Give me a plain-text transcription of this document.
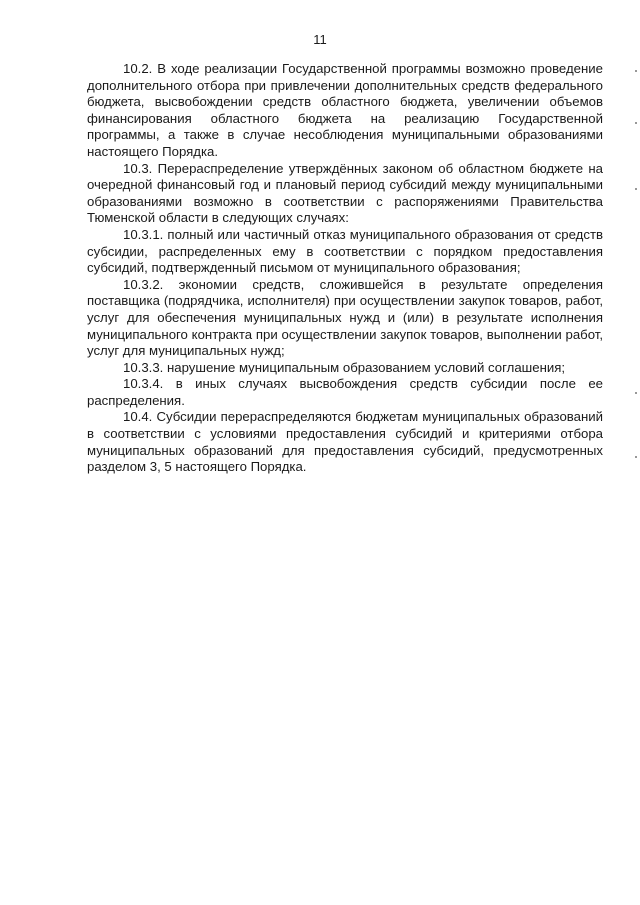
11

10.2. В ходе реализации Государственной программы возможно проведение дополнительного отбора при привлечении дополнительных средств федерального бюджета, высвобождении средств областного бюджета, увеличении объемов финансирования областного бюджета на реализацию Государственной программы, а также в случае несоблюдения муниципальными образованиями настоящего Порядка.

10.3. Перераспределение утверждённых законом об областном бюджете на очередной финансовый год и плановый период субсидий между муниципальными образованиями возможно в соответствии с распоряжениями Правительства Тюменской области в следующих случаях:

10.3.1. полный или частичный отказ муниципального образования от средств субсидии, распределенных ему в соответствии с порядком предоставления субсидий, подтвержденный письмом от муниципального образования;

10.3.2. экономии средств, сложившейся в результате определения поставщика (подрядчика, исполнителя) при осуществлении закупок товаров, работ, услуг для обеспечения муниципальных нужд и (или) в результате исполнения муниципального контракта при осуществлении закупок товаров, выполнении работ, услуг для муниципальных нужд;

10.3.3. нарушение муниципальным образованием условий соглашения;

10.3.4. в иных случаях высвобождения средств субсидии после ее распределения.

10.4. Субсидии перераспределяются бюджетам муниципальных образований в соответствии с условиями предоставления субсидий и критериями отбора муниципальных образований для предоставления субсидий, предусмотренных разделом 3, 5 настоящего Порядка.
